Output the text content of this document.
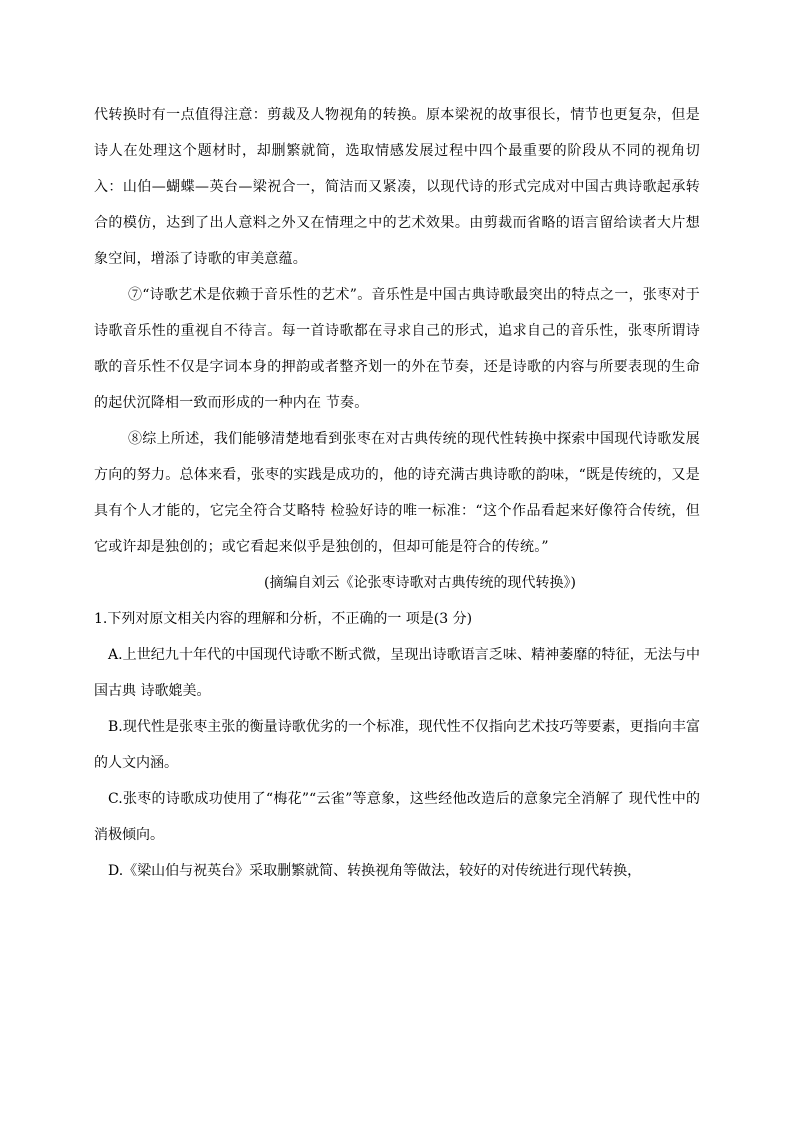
代转换时有一点值得注意：剪裁及人物视角的转换。原本梁祝的故事很长，情节也更复杂，但是诗人在处理这个题材时，却删繁就简，选取情感发展过程中四个最重要的阶段从不同的视角切入：山伯—蝴蝶—英台—梁祝合一，简洁而又紧凑，以现代诗的形式完成对中国古典诗歌起承转合的模仿，达到了出人意料之外又在情理之中的艺术效果。由剪裁而省略的语言留给读者大片想象空间，增添了诗歌的审美意蕴。

⑦“诗歌艺术是依赖于音乐性的艺术”。音乐性是中国古典诗歌最突出的特点之一，张枣对于诗歌音乐性的重视自不待言。每一首诗歌都在寻求自己的形式，追求自己的音乐性，张枣所谓诗歌的音乐性不仅是字词本身的押韵或者整齐划一的外在节奏，还是诗歌的内容与所要表现的生命的起伏沉降相一致而形成的一种内在 节奏。

⑧综上所述，我们能够清楚地看到张枣在对古典传统的现代性转换中探索中国现代诗歌发展方向的努力。总体来看，张枣的实践是成功的，他的诗充满古典诗歌的韵味，“既是传统的，又是具有个人才能的，它完全符合艾略特 检验好诗的唯一标准：“这个作品看起来好像符合传统，但它或许却是独创的；或它看起来似乎是独创的，但却可能是符合的传统。”

(摘编自刘云《论张枣诗歌对古典传统的现代转换》)

1.下列对原文相关内容的理解和分析，不正确的一 项是(3 分)

A.上世纪九十年代的中国现代诗歌不断式微，呈现出诗歌语言乏味、精神萎靡的特征，无法与中国古典 诗歌媲美。

B.现代性是张枣主张的衡量诗歌优劣的一个标准，现代性不仅指向艺术技巧等要素，更指向丰富的人文内涵。

C.张枣的诗歌成功使用了“梅花”“云雀”等意象，这些经他改造后的意象完全消解了 现代性中的消极倾向。

D.《梁山伯与祝英台》采取删繁就简、转换视角等做法，较好的对传统进行现代转换，
